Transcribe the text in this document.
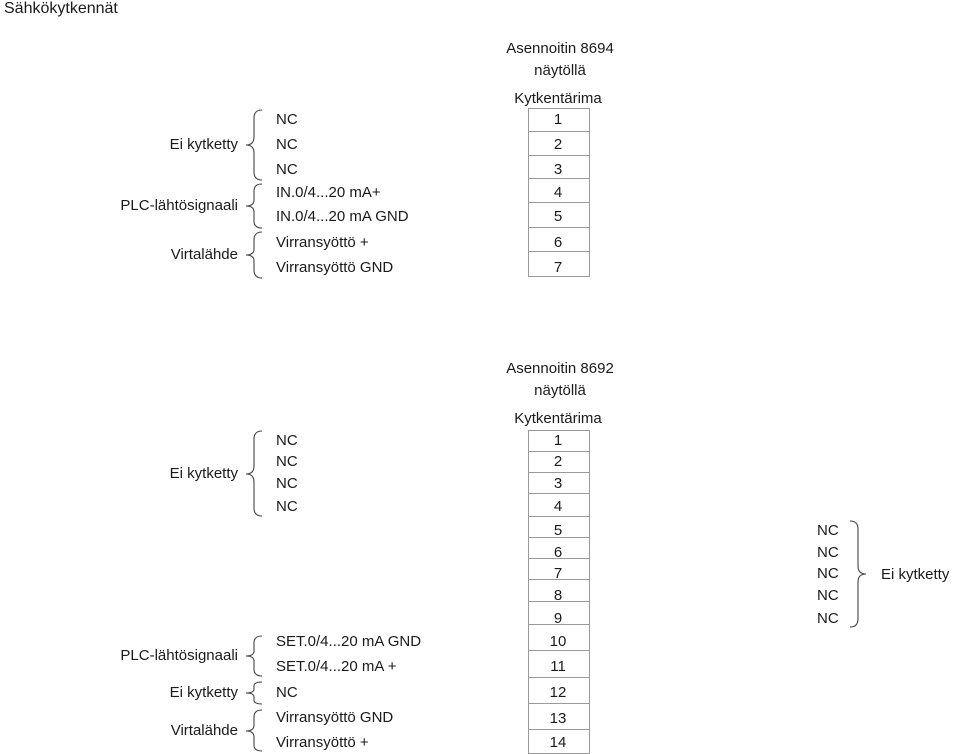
Sähkökytkennät
Asennoitin 8694
näytöllä
Kytkentärima
1
2
3
4
5
6
7
NC
NC
NC
IN.0/4...20 mA+
IN.0/4...20 mA GND
Virransyöttö +
Virransyöttö GND
Ei kytketty
PLC-lähtösignaali
Virtalähde
Asennoitin 8692
näytöllä
Kytkentärima
1
2
3
4
5
6
7
8
9
10
11
12
13
14
NC
NC
NC
NC
SET.0/4...20 mA GND
SET.0/4...20 mA +
NC
Virransyöttö GND
Virransyöttö +
NC
NC
NC
NC
NC
Ei kytketty
PLC-lähtösignaali
Ei kytketty
Virtalähde
Ei kytketty
